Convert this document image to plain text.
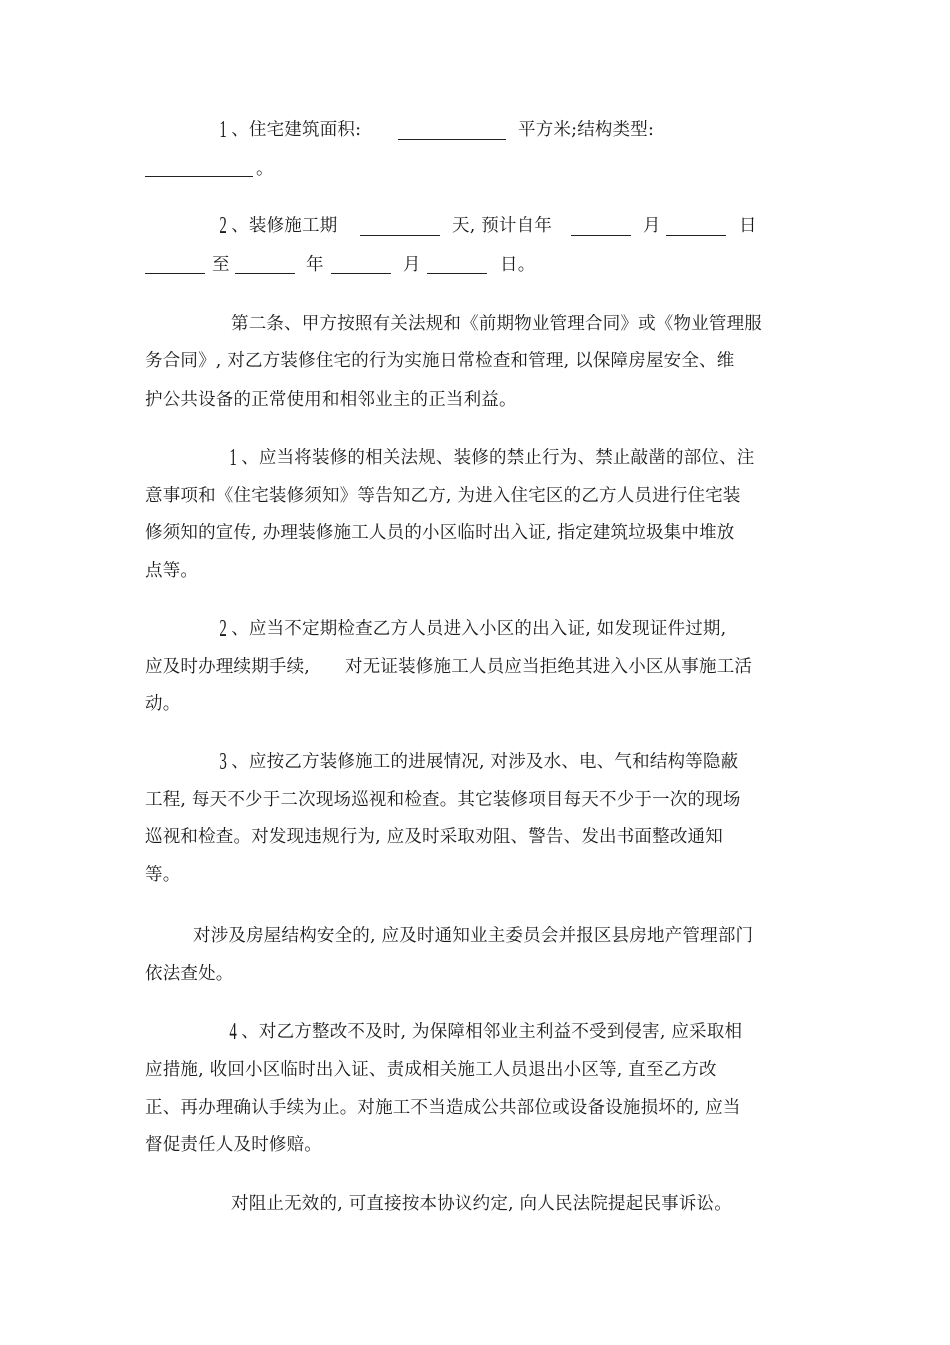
1 、住宅建筑面积:	平方米;结构类型:
。
2 、装修施工期	天, 预计自年	月	日
至	年	月	日。
第二条、甲方按照有关法规和《前期物业管理合同》或《物业管理服
务合同》, 对乙方装修住宅的行为实施日常检查和管理, 以保障房屋安全、维
护公共设备的正常使用和相邻业主的正当利益。
1 、应当将装修的相关法规、装修的禁止行为、禁止敲凿的部位、注
意事项和《住宅装修须知》等告知乙方, 为进入住宅区的乙方人员进行住宅装
修须知的宣传, 办理装修施工人员的小区临时出入证, 指定建筑垃圾集中堆放
点等。
2 、应当不定期检查乙方人员进入小区的出入证, 如发现证件过期,
应及时办理续期手续, 对无证装修施工人员应当拒绝其进入小区从事施工活
动。
3 、应按乙方装修施工的进展情况, 对涉及水、电、气和结构等隐蔽
工程, 每天不少于二次现场巡视和检查。其它装修项目每天不少于一次的现场
巡视和检查。对发现违规行为, 应及时采取劝阻、警告、发出书面整改通知
等。
对涉及房屋结构安全的, 应及时通知业主委员会并报区县房地产管理部门
依法查处。
4 、对乙方整改不及时, 为保障相邻业主利益不受到侵害, 应采取相
应措施, 收回小区临时出入证、责成相关施工人员退出小区等, 直至乙方改
正、再办理确认手续为止。对施工不当造成公共部位或设备设施损坏的, 应当
督促责任人及时修赔。
对阻止无效的, 可直接按本协议约定, 向人民法院提起民事诉讼。
